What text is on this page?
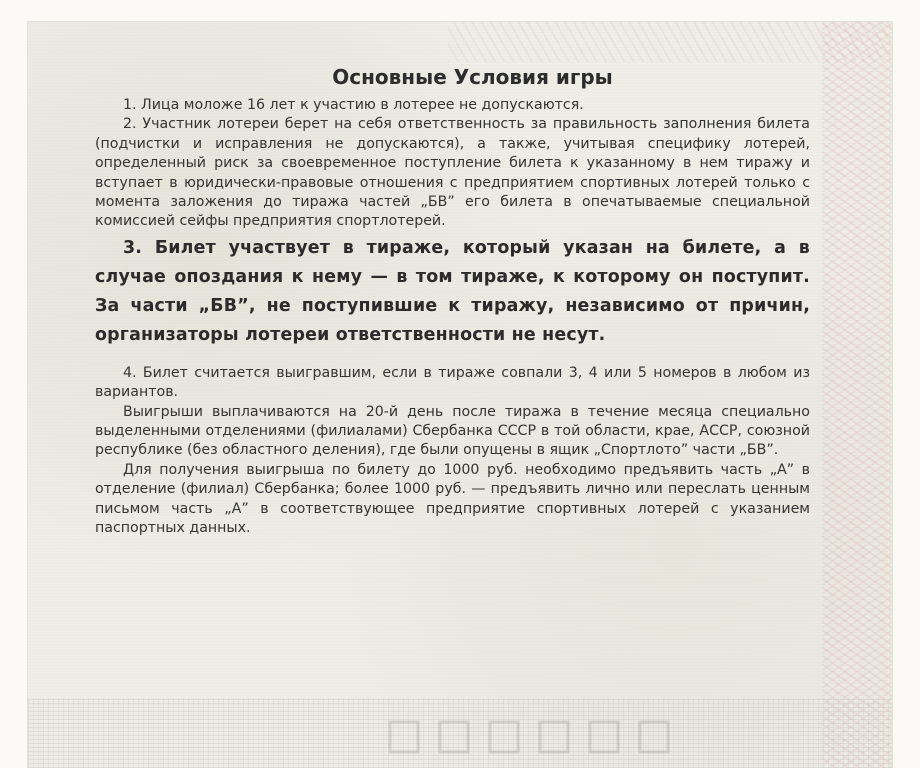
Основные Условия игры

1. Лица моложе 16 лет к участию в лотерее не допускаются.

2. Участник лотереи берет на себя ответственность за правильность заполнения билета (подчистки и исправления не допускаются), а также, учитывая специфику лотерей, определенный риск за своевременное поступление билета к указанному в нем тиражу и вступает в юридически-правовые отношения с предприятием спортивных лотерей только с момента заложения до тиража частей „БВ” его билета в опечатываемые специальной комиссией сейфы предприятия спортлотерей.

3. Билет участвует в тираже, который указан на билете, а в случае опоздания к нему — в том тираже, к которому он поступит. За части „БВ”, не поступившие к тиражу, независимо от причин, организаторы лотереи ответственности не несут.

4. Билет считается выигравшим, если в тираже совпали 3, 4 или 5 номеров в любом из вариантов.

Выигрыши выплачиваются на 20-й день после тиража в течение месяца специально выделенными отделениями (филиалами) Сбербанка СССР в той области, крае, АССР, союзной республике (без областного деления), где были опущены в ящик „Спортлото” части „БВ”.

Для получения выигрыша по билету до 1000 руб. необходимо предъявить часть „А” в отделение (филиал) Сбербанка; более 1000 руб. — предъявить лично или переслать ценным письмом часть „А” в соответствующее предприятие спортивных лотерей с указанием паспортных данных.
